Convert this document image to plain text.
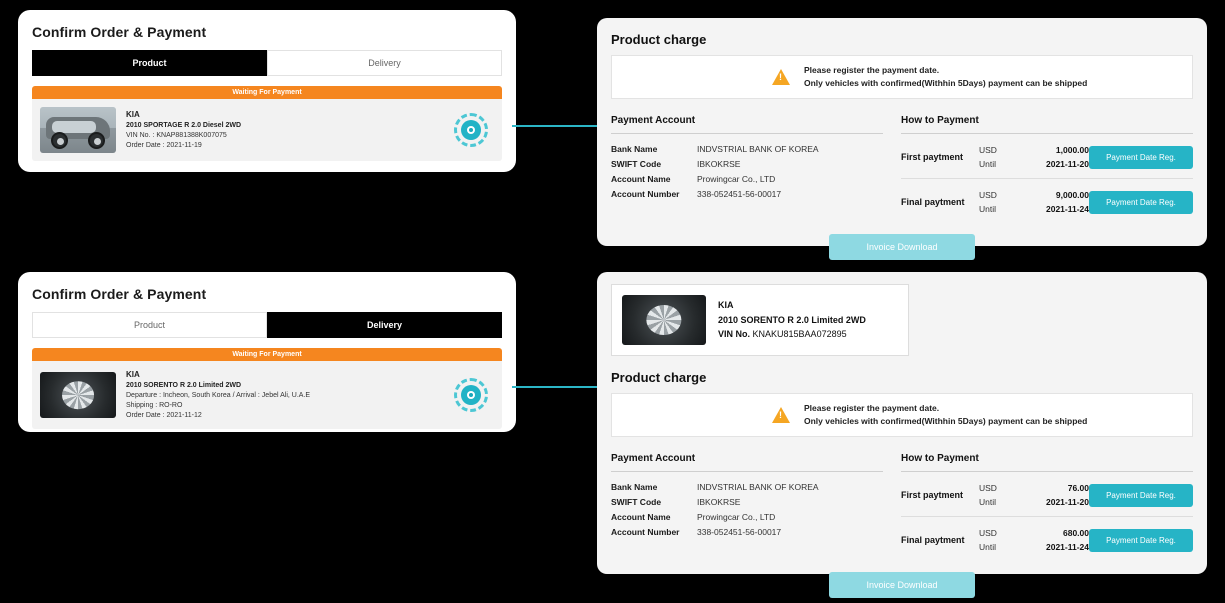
Confirm Order & Payment
Product	Delivery
Waiting For Payment
KIA
2010 SPORTAGE R 2.0 Diesel 2WD
VIN No. : KNAP881388K007075
Order Date : 2021-11-19
Product charge
!
Please register the payment date.
Only vehicles with confirmed(Withhin 5Days) payment can be shipped
Payment Account
Bank Name	INDVSTRIAL BANK OF KOREA
SWIFT Code	IBKOKRSE
Account Name	Prowingcar Co., LTD
Account Number	338-052451-56-00017
How to Payment
First paytment
USD	1,000.00
Until	2021-11-20
Payment Date Reg.
Final paytment
USD	9,000.00
Until	2021-11-24
Payment Date Reg.
Invoice Download
Confirm Order & Payment
Product	Delivery
Waiting For Payment
KIA
2010 SORENTO R 2.0 Limited 2WD
Departure : Incheon, South Korea / Arrival : Jebel Ali, U.A.E
Shipping : RO-RO
Order Date : 2021-11-12
KIA
2010 SORENTO R 2.0 Limited 2WD
VIN No. KNAKU815BAA072895
Product charge
!
Please register the payment date.
Only vehicles with confirmed(Withhin 5Days) payment can be shipped
Payment Account
Bank Name	INDVSTRIAL BANK OF KOREA
SWIFT Code	IBKOKRSE
Account Name	Prowingcar Co., LTD
Account Number	338-052451-56-00017
How to Payment
First paytment
USD	76.00
Until	2021-11-20
Payment Date Reg.
Final paytment
USD	680.00
Until	2021-11-24
Payment Date Reg.
Invoice Download
